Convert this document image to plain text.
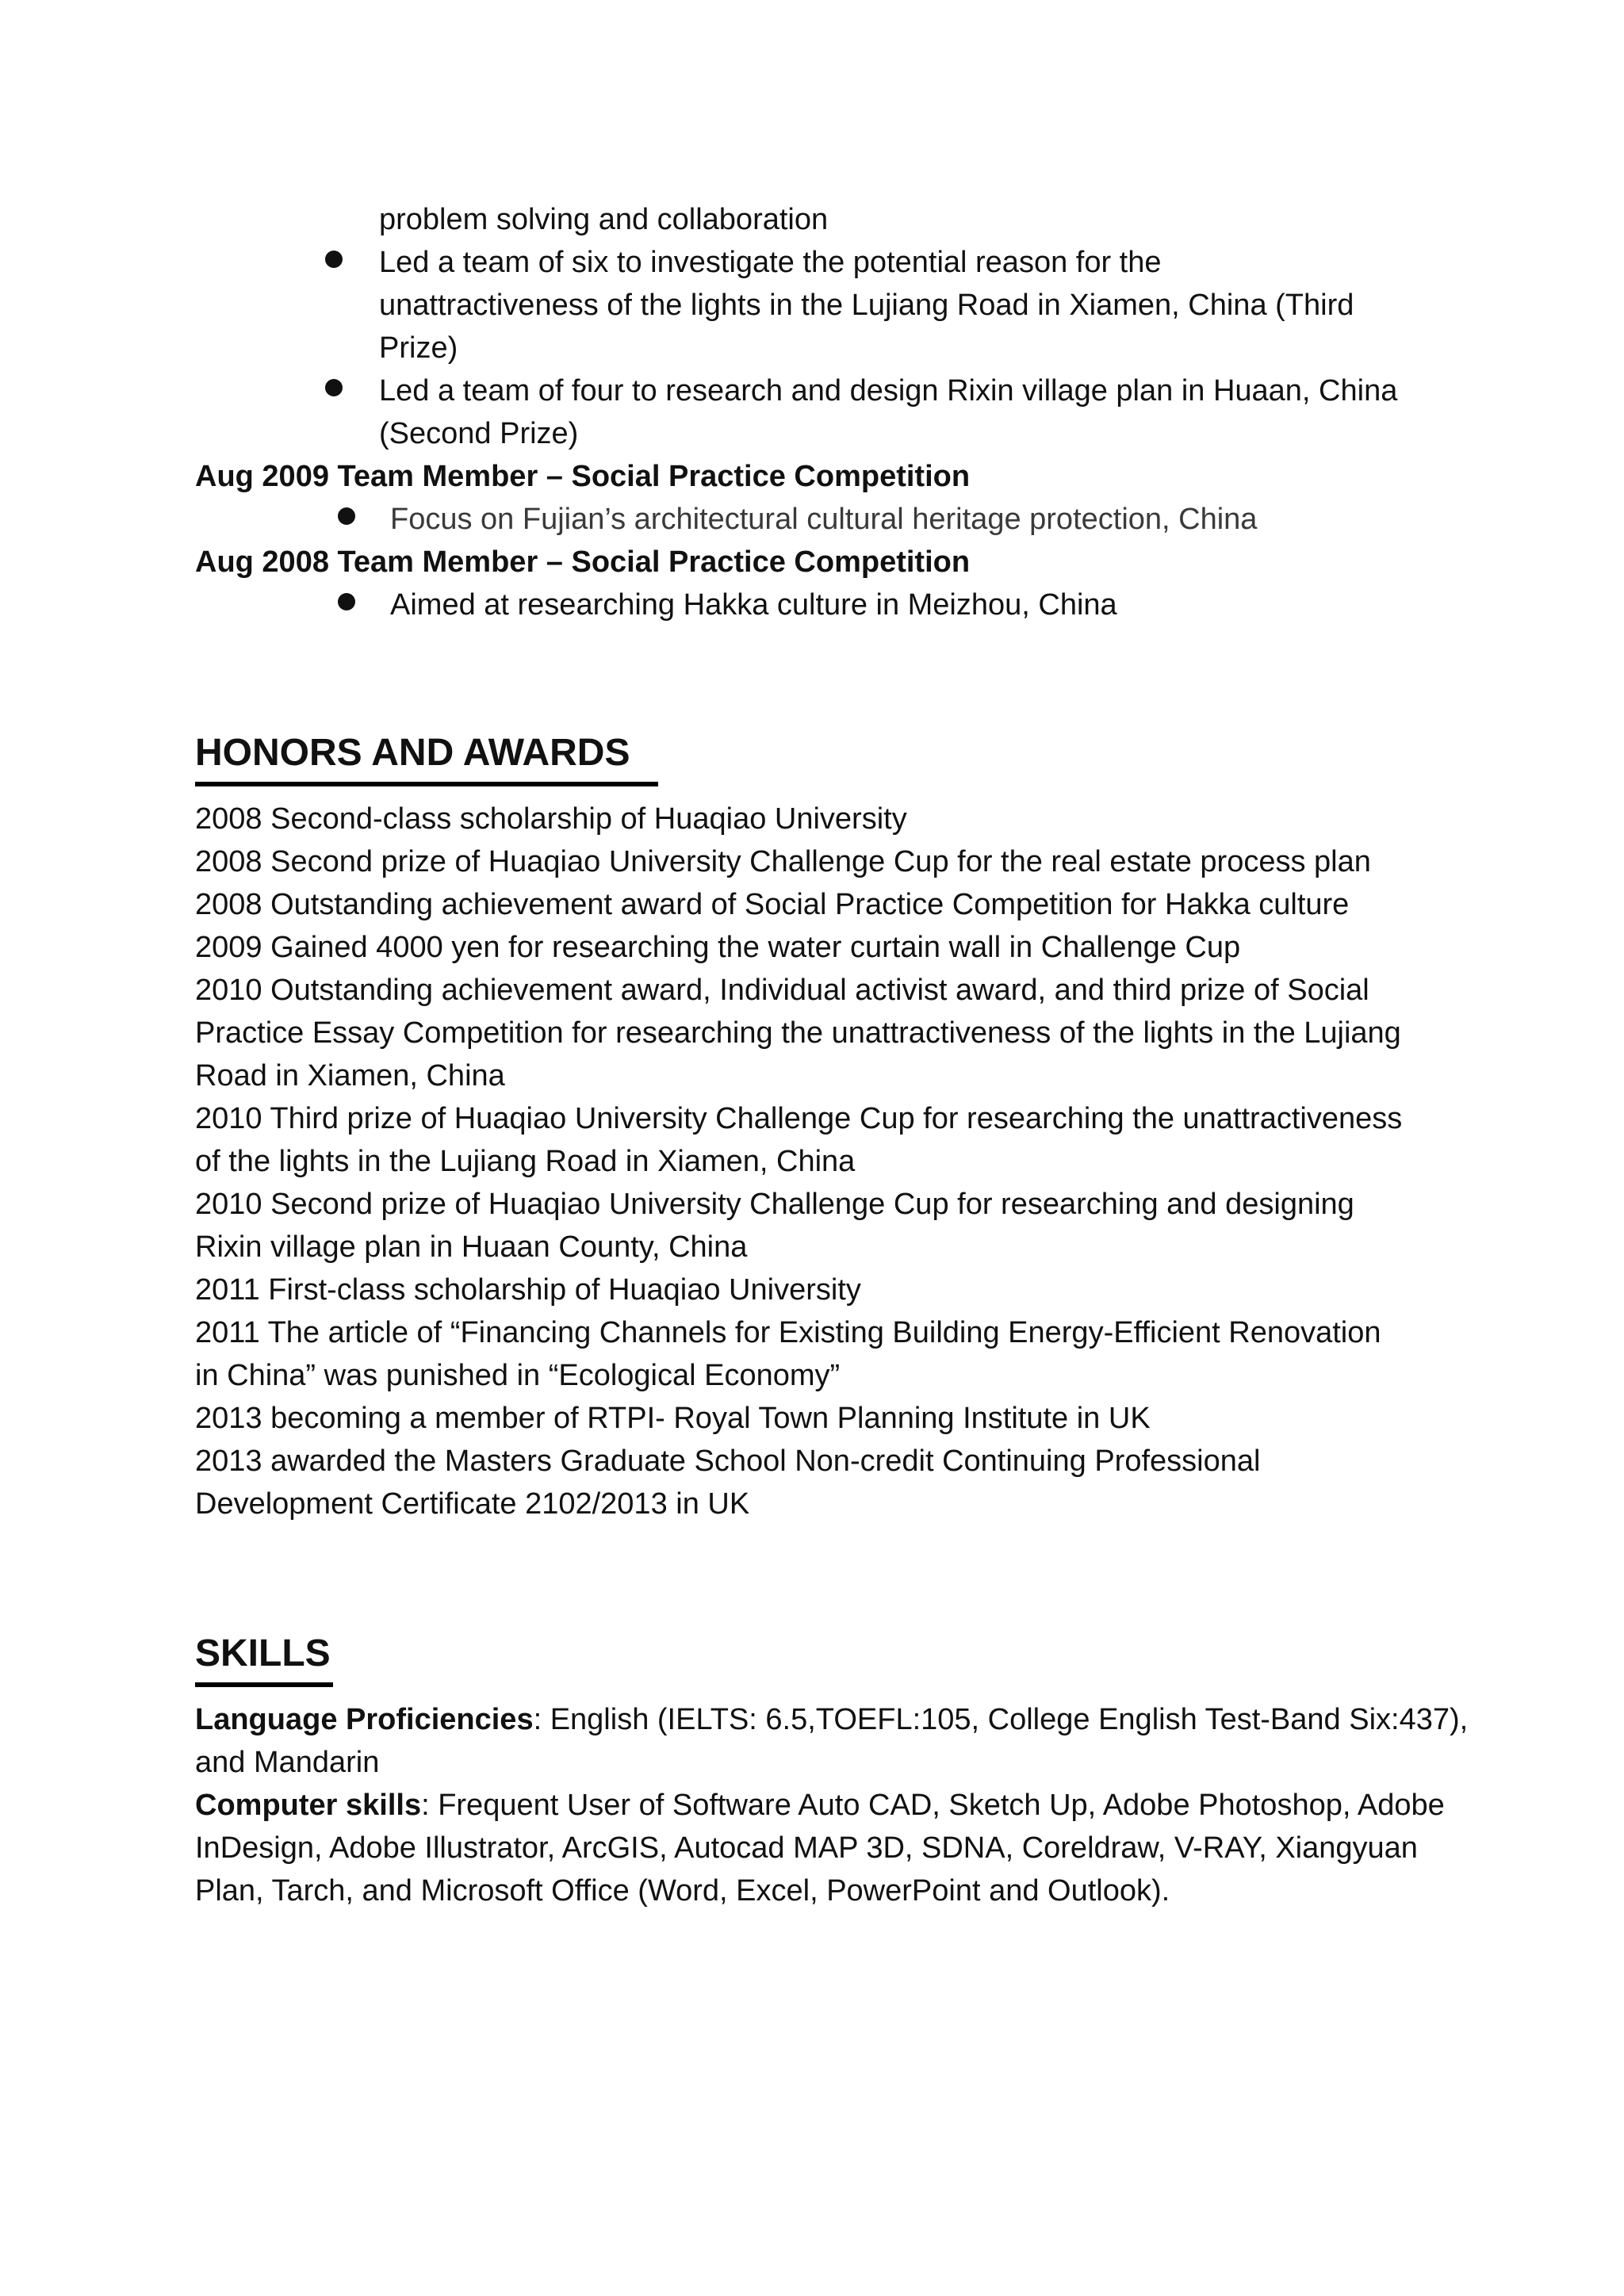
problem solving and collaboration
Led a team of six to investigate the potential reason for the
unattractiveness of the lights in the Lujiang Road in Xiamen, China (Third
Prize)
Led a team of four to research and design Rixin village plan in Huaan, China
(Second Prize)
Aug 2009 Team Member – Social Practice Competition
Focus on Fujian’s architectural cultural heritage protection, China
Aug 2008 Team Member – Social Practice Competition
Aimed at researching Hakka culture in Meizhou, China
HONORS AND AWARDS
2008 Second-class scholarship of Huaqiao University
2008 Second prize of Huaqiao University Challenge Cup for the real estate process plan
2008 Outstanding achievement award of Social Practice Competition for Hakka culture
2009 Gained 4000 yen for researching the water curtain wall in Challenge Cup
2010 Outstanding achievement award, Individual activist award, and third prize of Social
Practice Essay Competition for researching the unattractiveness of the lights in the Lujiang
Road in Xiamen, China
2010 Third prize of Huaqiao University Challenge Cup for researching the unattractiveness
of the lights in the Lujiang Road in Xiamen, China
2010 Second prize of Huaqiao University Challenge Cup for researching and designing
Rixin village plan in Huaan County, China
2011 First-class scholarship of Huaqiao University
2011 The article of “Financing Channels for Existing Building Energy-Efficient Renovation
in China” was punished in “Ecological Economy”
2013 becoming a member of RTPI- Royal Town Planning Institute in UK
2013 awarded the Masters Graduate School Non-credit Continuing Professional
Development Certificate 2102/2013 in UK
SKILLS
Language Proficiencies: English (IELTS: 6.5,TOEFL:105, College English Test-Band Six:437),
and Mandarin
Computer skills: Frequent User of Software Auto CAD, Sketch Up, Adobe Photoshop, Adobe
InDesign, Adobe Illustrator, ArcGIS, Autocad MAP 3D, SDNA, Coreldraw, V-RAY, Xiangyuan
Plan, Tarch, and Microsoft Office (Word, Excel, PowerPoint and Outlook).
